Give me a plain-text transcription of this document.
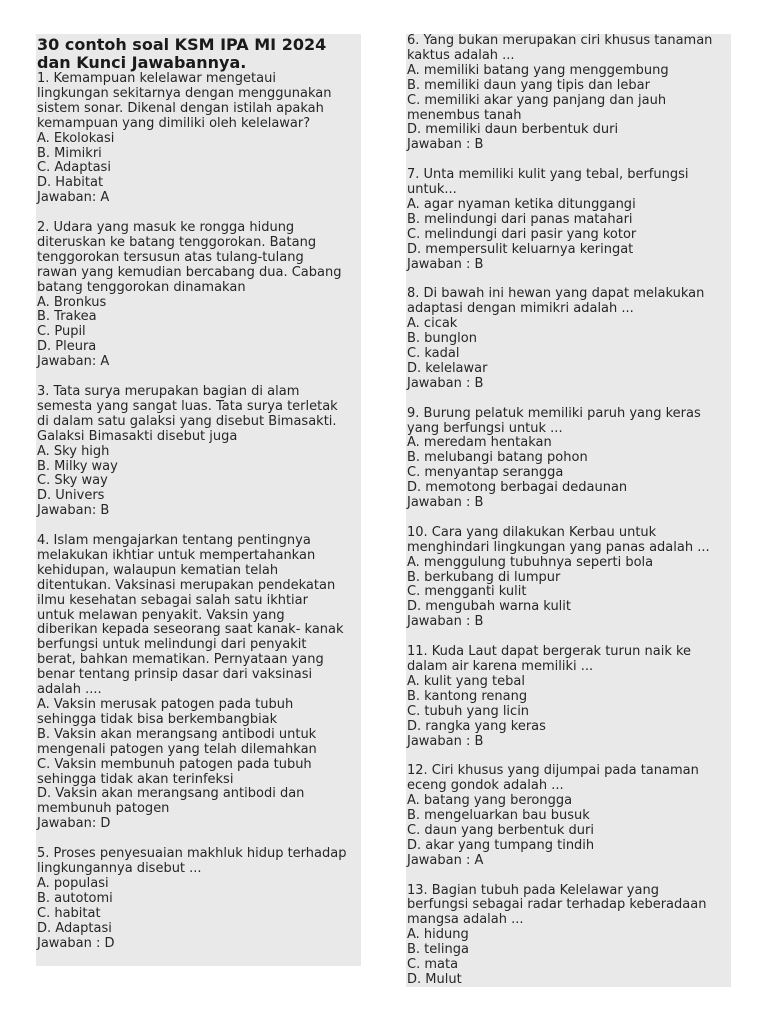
30 contoh soal KSM IPA MI 2024
dan Kunci Jawabannya.
1. Kemampuan kelelawar mengetaui
lingkungan sekitarnya dengan menggunakan
sistem sonar. Dikenal dengan istilah apakah
kemampuan yang dimiliki oleh kelelawar?
A. Ekolokasi
B. Mimikri
C. Adaptasi
D. Habitat
Jawaban: A
2. Udara yang masuk ke rongga hidung
diteruskan ke batang tenggorokan. Batang
tenggorokan tersusun atas tulang-tulang
rawan yang kemudian bercabang dua. Cabang
batang tenggorokan dinamakan
A. Bronkus
B. Trakea
C. Pupil
D. Pleura
Jawaban: A
3. Tata surya merupakan bagian di alam
semesta yang sangat luas. Tata surya terletak
di dalam satu galaksi yang disebut Bimasakti.
Galaksi Bimasakti disebut juga
A. Sky high
B. Milky way
C. Sky way
D. Univers
Jawaban: B
4. Islam mengajarkan tentang pentingnya
melakukan ikhtiar untuk mempertahankan
kehidupan, walaupun kematian telah
ditentukan. Vaksinasi merupakan pendekatan
ilmu kesehatan sebagai salah satu ikhtiar
untuk melawan penyakit. Vaksin yang
diberikan kepada seseorang saat kanak- kanak
berfungsi untuk melindungi dari penyakit
berat, bahkan mematikan. Pernyataan yang
benar tentang prinsip dasar dari vaksinasi
adalah ....
A. Vaksin merusak patogen pada tubuh
sehingga tidak bisa berkembangbiak
B. Vaksin akan merangsang antibodi untuk
mengenali patogen yang telah dilemahkan
C. Vaksin membunuh patogen pada tubuh
sehingga tidak akan terinfeksi
D. Vaksin akan merangsang antibodi dan
membunuh patogen
Jawaban: D
5. Proses penyesuaian makhluk hidup terhadap
lingkungannya disebut ...
A. populasi
B. autotomi
C. habitat
D. Adaptasi
Jawaban : D
6. Yang bukan merupakan ciri khusus tanaman
kaktus adalah ...
A. memiliki batang yang menggembung
B. memiliki daun yang tipis dan lebar
C. memiliki akar yang panjang dan jauh
menembus tanah
D. memiliki daun berbentuk duri
Jawaban : B
7. Unta memiliki kulit yang tebal, berfungsi
untuk...
A. agar nyaman ketika ditunggangi
B. melindungi dari panas matahari
C. melindungi dari pasir yang kotor
D. mempersulit keluarnya keringat
Jawaban : B
8. Di bawah ini hewan yang dapat melakukan
adaptasi dengan mimikri adalah ...
A. cicak
B. bunglon
C. kadal
D. kelelawar
Jawaban : B
9. Burung pelatuk memiliki paruh yang keras
yang berfungsi untuk ...
A. meredam hentakan
B. melubangi batang pohon
C. menyantap serangga
D. memotong berbagai dedaunan
Jawaban : B
10. Cara yang dilakukan Kerbau untuk
menghindari lingkungan yang panas adalah ...
A. menggulung tubuhnya seperti bola
B. berkubang di lumpur
C. mengganti kulit
D. mengubah warna kulit
Jawaban : B
11. Kuda Laut dapat bergerak turun naik ke
dalam air karena memiliki ...
A. kulit yang tebal
B. kantong renang
C. tubuh yang licin
D. rangka yang keras
Jawaban : B
12. Ciri khusus yang dijumpai pada tanaman
eceng gondok adalah ...
A. batang yang berongga
B. mengeluarkan bau busuk
C. daun yang berbentuk duri
D. akar yang tumpang tindih
Jawaban : A
13. Bagian tubuh pada Kelelawar yang
berfungsi sebagai radar terhadap keberadaan
mangsa adalah ...
A. hidung
B. telinga
C. mata
D. Mulut
